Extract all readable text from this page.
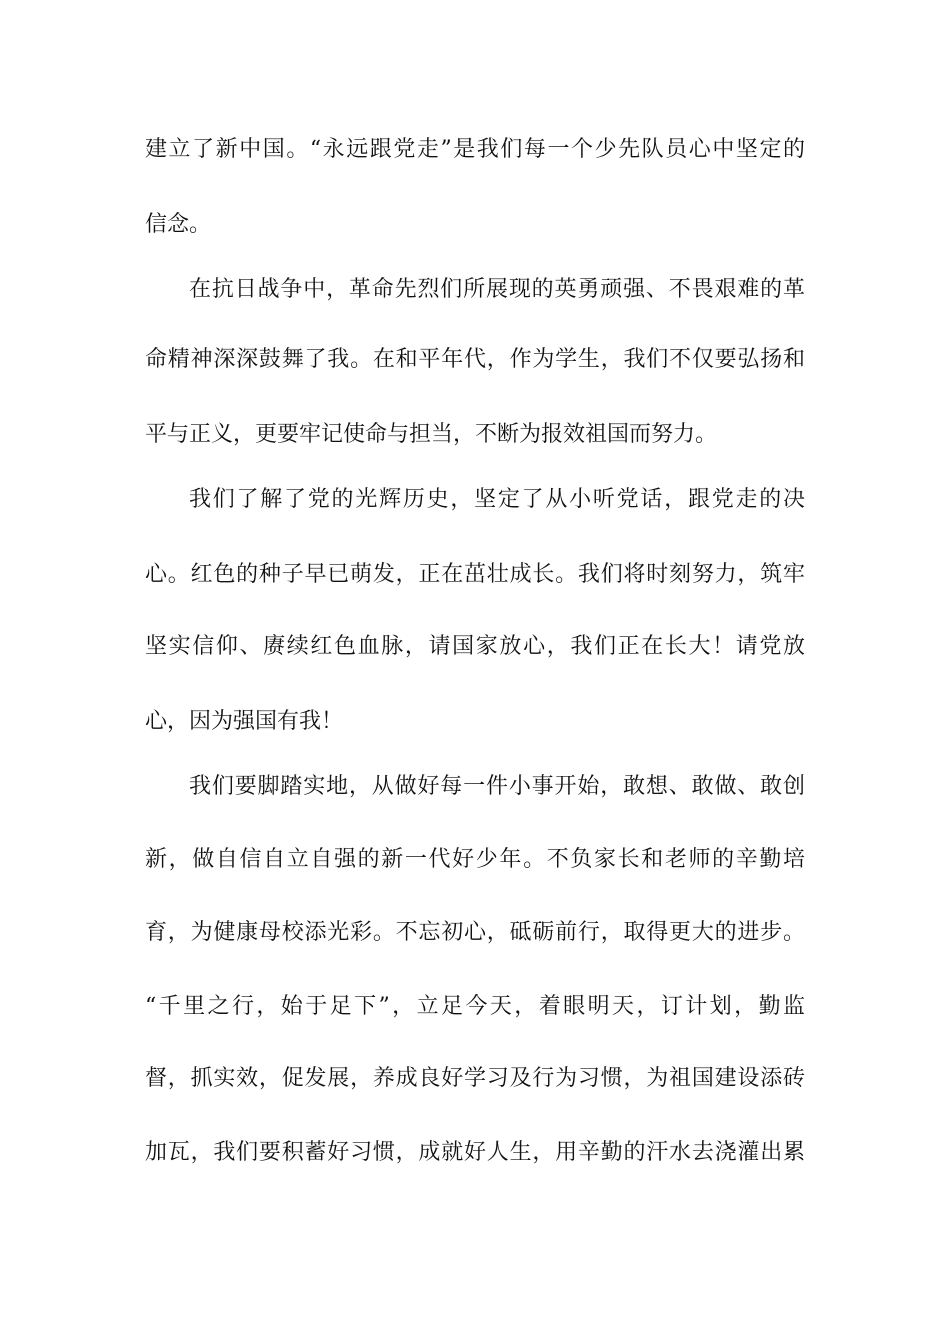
建立了新中国。“永远跟党走”是我们每一个少先队员心中坚定的
信念。
在抗日战争中，革命先烈们所展现的英勇顽强、不畏艰难的革
命精神深深鼓舞了我。在和平年代，作为学生，我们不仅要弘扬和
平与正义，更要牢记使命与担当，不断为报效祖国而努力。
我们了解了党的光辉历史，坚定了从小听党话，跟党走的决
心。红色的种子早已萌发，正在茁壮成长。我们将时刻努力，筑牢
坚实信仰、赓续红色血脉，请国家放心，我们正在长大！请党放
心，因为强国有我！
我们要脚踏实地，从做好每一件小事开始，敢想、敢做、敢创
新，做自信自立自强的新一代好少年。不负家长和老师的辛勤培
育，为健康母校添光彩。不忘初心，砥砺前行，取得更大的进步。
“千里之行，始于足下”，立足今天，着眼明天，订计划，勤监
督，抓实效，促发展，养成良好学习及行为习惯，为祖国建设添砖
加瓦，我们要积蓄好习惯，成就好人生，用辛勤的汗水去浇灌出累
